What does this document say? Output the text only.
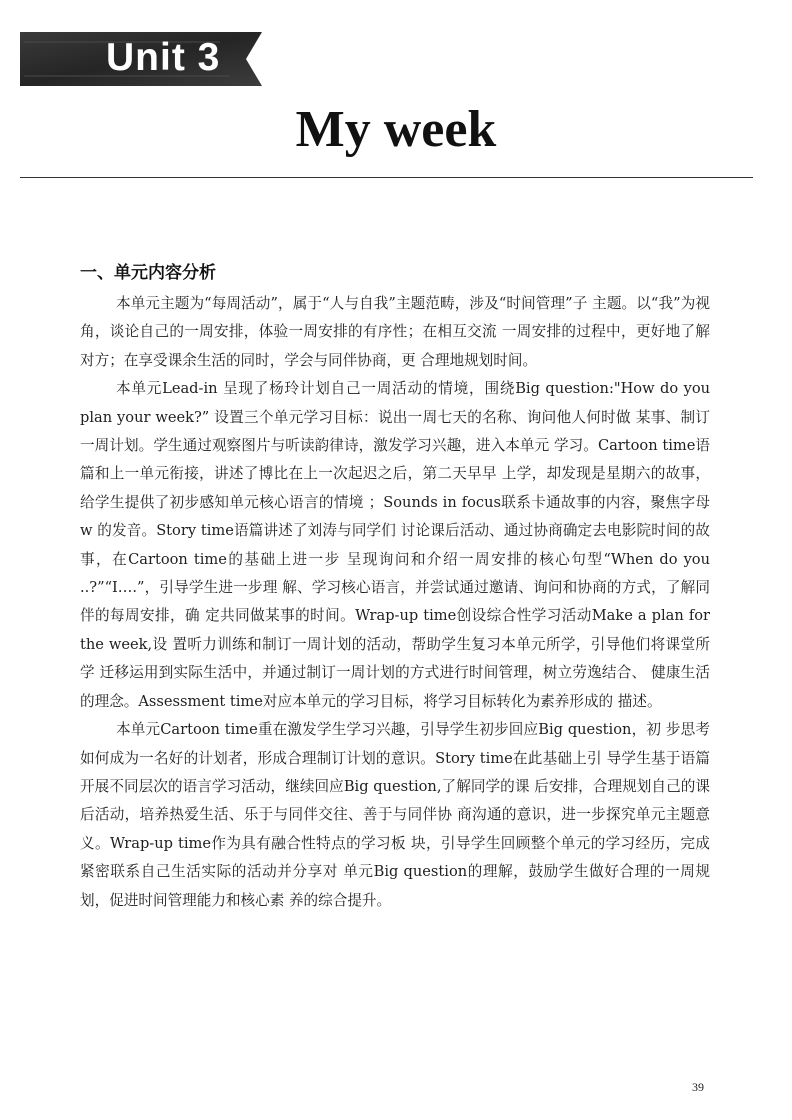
Unit 3
My week
一、单元内容分析

本单元主题为“每周活动”，属于“人与自我”主题范畴，涉及“时间管理”子 主题。以“我”为视角，谈论自己的一周安排，体验一周安排的有序性；在相互交流 一周安排的过程中，更好地了解对方；在享受课余生活的同时，学会与同伴协商，更 合理地规划时间。

本单元Lead-in 呈现了杨玲计划自己一周活动的情境，围绕Big question:"How do you plan your week?” 设置三个单元学习目标：说出一周七天的名称、询问他人何时做 某事、制订一周计划。学生通过观察图片与听读韵律诗，激发学习兴趣，进入本单元 学习。Cartoon time语篇和上一单元衔接，讲述了博比在上一次起迟之后，第二天早早 上学，却发现是星期六的故事，给学生提供了初步感知单元核心语言的情境 ；Sounds in focus联系卡通故事的内容，聚焦字母w 的发音。Story time语篇讲述了刘涛与同学们 讨论课后活动、通过协商确定去电影院时间的故事，在Cartoon time的基础上进一步 呈现询问和介绍一周安排的核心句型“When do you ..?”“I….”，引导学生进一步理 解、学习核心语言，并尝试通过邀请、询问和协商的方式，了解同伴的每周安排，确 定共同做某事的时间。Wrap-up time创设综合性学习活动Make a plan for the week,设 置听力训练和制订一周计划的活动，帮助学生复习本单元所学，引导他们将课堂所学 迁移运用到实际生活中，并通过制订一周计划的方式进行时间管理，树立劳逸结合、 健康生活的理念。Assessment time对应本单元的学习目标，将学习目标转化为素养形成的 描述。

本单元Cartoon time重在激发学生学习兴趣，引导学生初步回应Big question，初 步思考如何成为一名好的计划者，形成合理制订计划的意识。Story time在此基础上引 导学生基于语篇开展不同层次的语言学习活动，继续回应Big question,了解同学的课 后安排，合理规划自己的课后活动，培养热爱生活、乐于与同伴交往、善于与同伴协 商沟通的意识，进一步探究单元主题意义。Wrap-up time作为具有融合性特点的学习板 块，引导学生回顾整个单元的学习经历，完成紧密联系自己生活实际的活动并分享对 单元Big question的理解，鼓励学生做好合理的一周规划，促进时间管理能力和核心素 养的综合提升。

39
